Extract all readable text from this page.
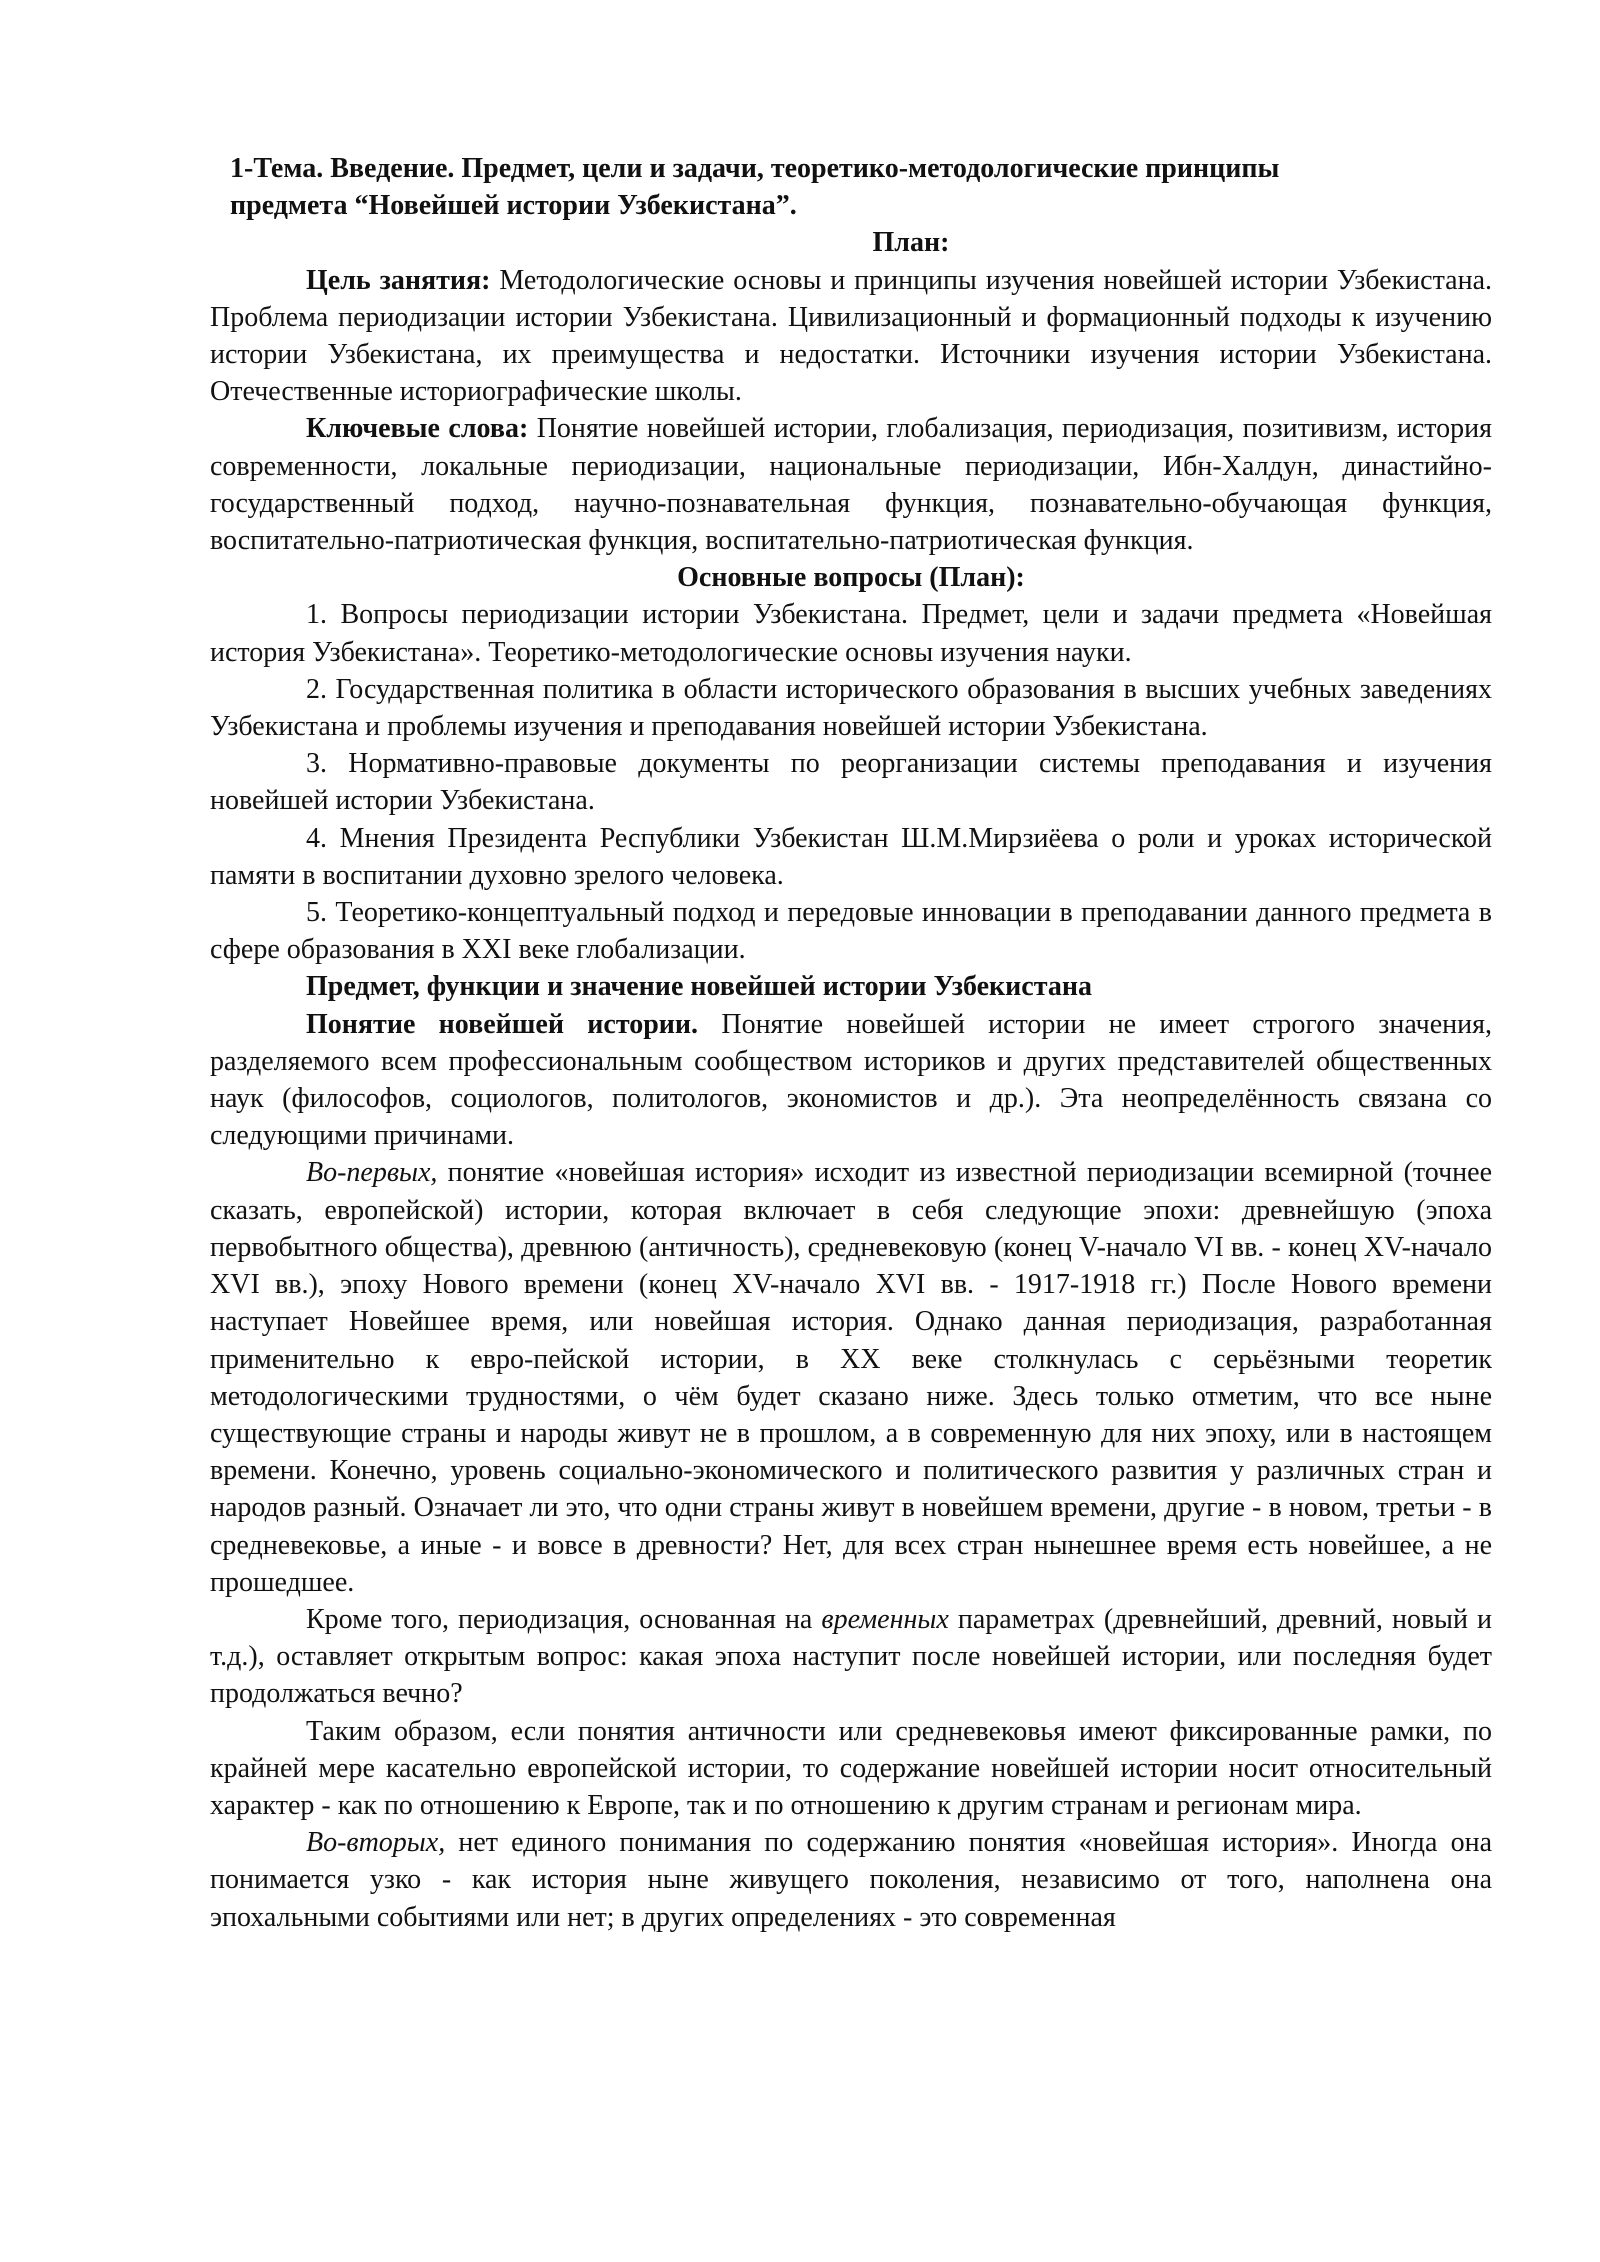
1-Тема. Введение. Предмет, цели и задачи, теоретико-методологические принципы
предмета “Новейшей истории Узбекистана”.
План:

Цель занятия: Методологические основы и принципы изучения новейшей истории Узбекистана. Проблема периодизации истории Узбекистана. Цивилизационный и формационный подходы к изучению истории Узбекистана, их преимущества и недостатки. Источники изучения истории Узбекистана. Отечественные историографические школы.

Ключевые слова: Понятие новейшей истории, глобализация, периодизация, позитивизм, история современности, локальные периодизации, национальные периодизации, Ибн-Халдун, династийно-государственный подход, научно-познавательная функция, познавательно-обучающая функция, воспитательно-патриотическая функция, воспитательно-патриотическая функция.

Основные вопросы (План):

1. Вопросы периодизации истории Узбекистана. Предмет, цели и задачи предмета «Новейшая история Узбекистана». Теоретико-методологические основы изучения науки.

2. Государственная политика в области исторического образования в высших учебных заведениях Узбекистана и проблемы изучения и преподавания новейшей истории Узбекистана.

3. Нормативно-правовые документы по реорганизации системы преподавания и изучения новейшей истории Узбекистана.

4. Мнения Президента Республики Узбекистан Ш.М.Мирзиёева о роли и уроках исторической памяти в воспитании духовно зрелого человека.

5. Теоретико-концептуальный подход и передовые инновации в преподавании данного предмета в сфере образования в XXI веке глобализации.

Предмет, функции и значение новейшей истории Узбекистана

Понятие новейшей истории. Понятие новейшей истории не имеет строгого значения, разделяемого всем профессиональным сообществом историков и других представителей общественных наук (философов, социологов, политологов, экономистов и др.). Эта неопределённость связана со следующими причинами.

Во-первых, понятие «новейшая история» исходит из известной периодизации всемирной (точнее сказать, европейской) истории, которая включает в себя следующие эпохи: древнейшую (эпоха первобытного общества), древнюю (античность), средневековую (конец V-начало VI вв. - конец XV-начало XVI вв.), эпоху Нового времени (конец XV-начало XVI вв. - 1917-1918 гг.) После Нового времени наступает Новейшее время, или новейшая история. Однако данная периодизация, разработанная применительно к евро-пейской истории, в XX веке столкнулась с серьёзными теоретик методологическими трудностями, о чём будет сказано ниже. Здесь только отметим, что все ныне существующие страны и народы живут не в прошлом, а в современную для них эпоху, или в настоящем времени. Конечно, уровень социально-экономического и политического развития у различных стран и народов разный. Означает ли это, что одни страны живут в новейшем времени, другие - в новом, третьи - в средневековье, а иные - и вовсе в древности? Нет, для всех стран нынешнее время есть новейшее, а не прошедшее.

Кроме того, периодизация, основанная на временных параметрах (древнейший, древний, новый и т.д.), оставляет открытым вопрос: какая эпоха наступит после новейшей истории, или последняя будет продолжаться вечно?

Таким образом, если понятия античности или средневековья имеют фиксированные рамки, по крайней мере касательно европейской истории, то содержание новейшей истории носит относительный характер - как по отношению к Европе, так и по отношению к другим странам и регионам мира.

Во-вторых, нет единого понимания по содержанию понятия «новейшая история». Иногда она понимается узко - как история ныне живущего поколения, независимо от того, наполнена она эпохальными событиями или нет; в других определениях - это современная
